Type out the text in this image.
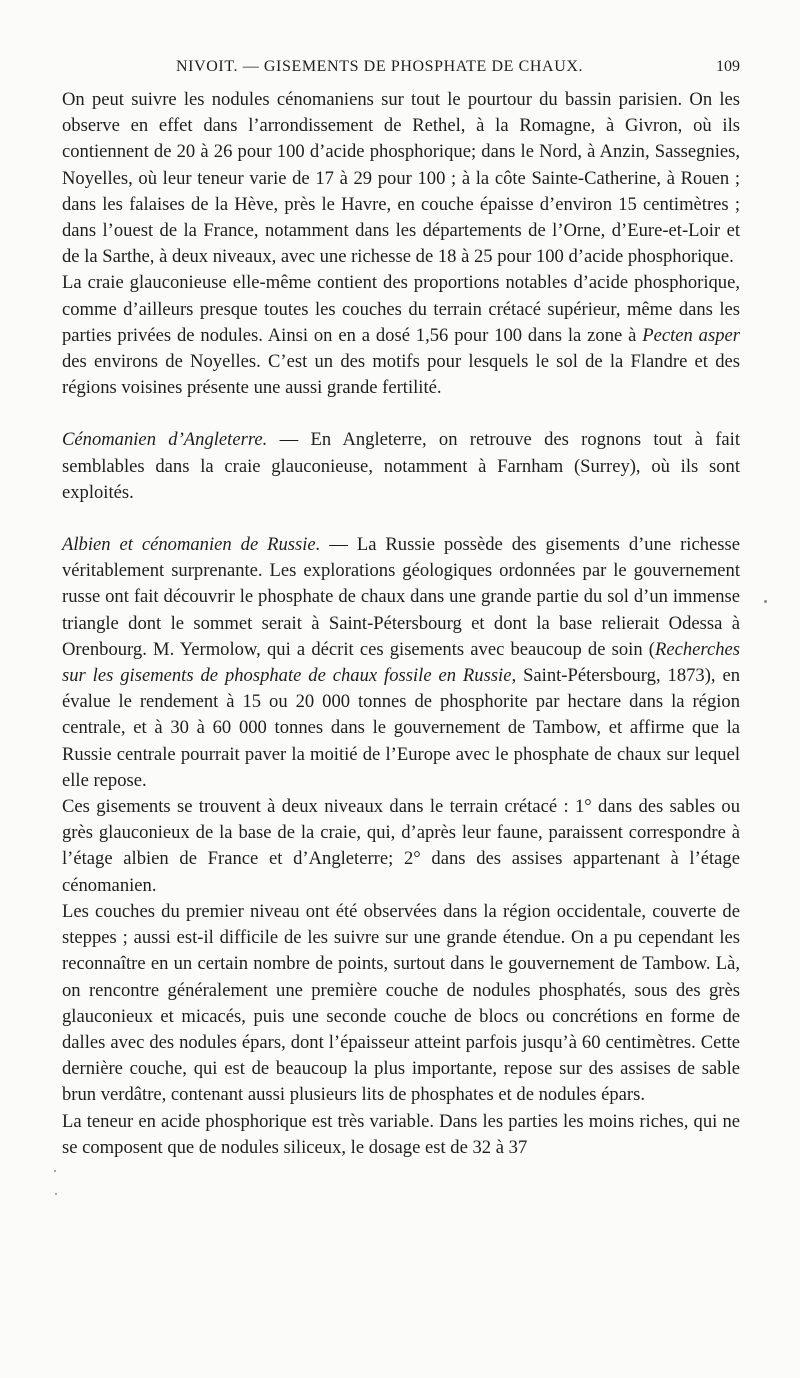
NIVOIT. — GISEMENTS DE PHOSPHATE DE CHAUX.	109

On peut suivre les nodules cénomaniens sur tout le pourtour du bassin parisien. On les observe en effet dans l’arrondissement de Rethel, à la Romagne, à Givron, où ils contiennent de 20 à 26 pour 100 d’acide phosphorique; dans le Nord, à Anzin, Sassegnies, Noyelles, où leur teneur varie de 17 à 29 pour 100 ; à la côte Sainte-Catherine, à Rouen ; dans les falaises de la Hève, près le Havre, en couche épaisse d’environ 15 centimètres ; dans l’ouest de la France, notamment dans les départements de l’Orne, d’Eure-et-Loir et de la Sarthe, à deux niveaux, avec une richesse de 18 à 25 pour 100 d’acide phosphorique.

La craie glauconieuse elle-même contient des proportions notables d’acide phosphorique, comme d’ailleurs presque toutes les couches du terrain crétacé supérieur, même dans les parties privées de nodules. Ainsi on en a dosé 1,56 pour 100 dans la zone à Pecten asper des environs de Noyelles. C’est un des motifs pour lesquels le sol de la Flandre et des régions voisines présente une aussi grande fertilité.

Cénomanien d’Angleterre. — En Angleterre, on retrouve des rognons tout à fait semblables dans la craie glauconieuse, notamment à Farnham (Surrey), où ils sont exploités.

Albien et cénomanien de Russie. — La Russie possède des gisements d’une richesse véritablement surprenante. Les explorations géologiques ordonnées par le gouvernement russe ont fait découvrir le phosphate de chaux dans une grande partie du sol d’un immense triangle dont le sommet serait à Saint-Pétersbourg et dont la base relierait Odessa à Orenbourg. M. Yermolow, qui a décrit ces gisements avec beaucoup de soin (Recherches sur les gisements de phosphate de chaux fossile en Russie, Saint-Pétersbourg, 1873), en évalue le rendement à 15 ou 20 000 tonnes de phosphorite par hectare dans la région centrale, et à 30 à 60 000 tonnes dans le gouvernement de Tambow, et affirme que la Russie centrale pourrait paver la moitié de l’Europe avec le phosphate de chaux sur lequel elle repose.

Ces gisements se trouvent à deux niveaux dans le terrain crétacé : 1° dans des sables ou grès glauconieux de la base de la craie, qui, d’après leur faune, paraissent correspondre à l’étage albien de France et d’Angleterre; 2° dans des assises appartenant à l’étage cénomanien.

Les couches du premier niveau ont été observées dans la région occidentale, couverte de steppes ; aussi est-il difficile de les suivre sur une grande étendue. On a pu cependant les reconnaître en un certain nombre de points, surtout dans le gouvernement de Tambow. Là, on rencontre généralement une première couche de nodules phosphatés, sous des grès glauconieux et micacés, puis une seconde couche de blocs ou concrétions en forme de dalles avec des nodules épars, dont l’épaisseur atteint parfois jusqu’à 60 centimètres. Cette dernière couche, qui est de beaucoup la plus importante, repose sur des assises de sable brun verdâtre, contenant aussi plusieurs lits de phosphates et de nodules épars.

La teneur en acide phosphorique est très variable. Dans les parties les moins riches, qui ne se composent que de nodules siliceux, le dosage est de 32 à 37
